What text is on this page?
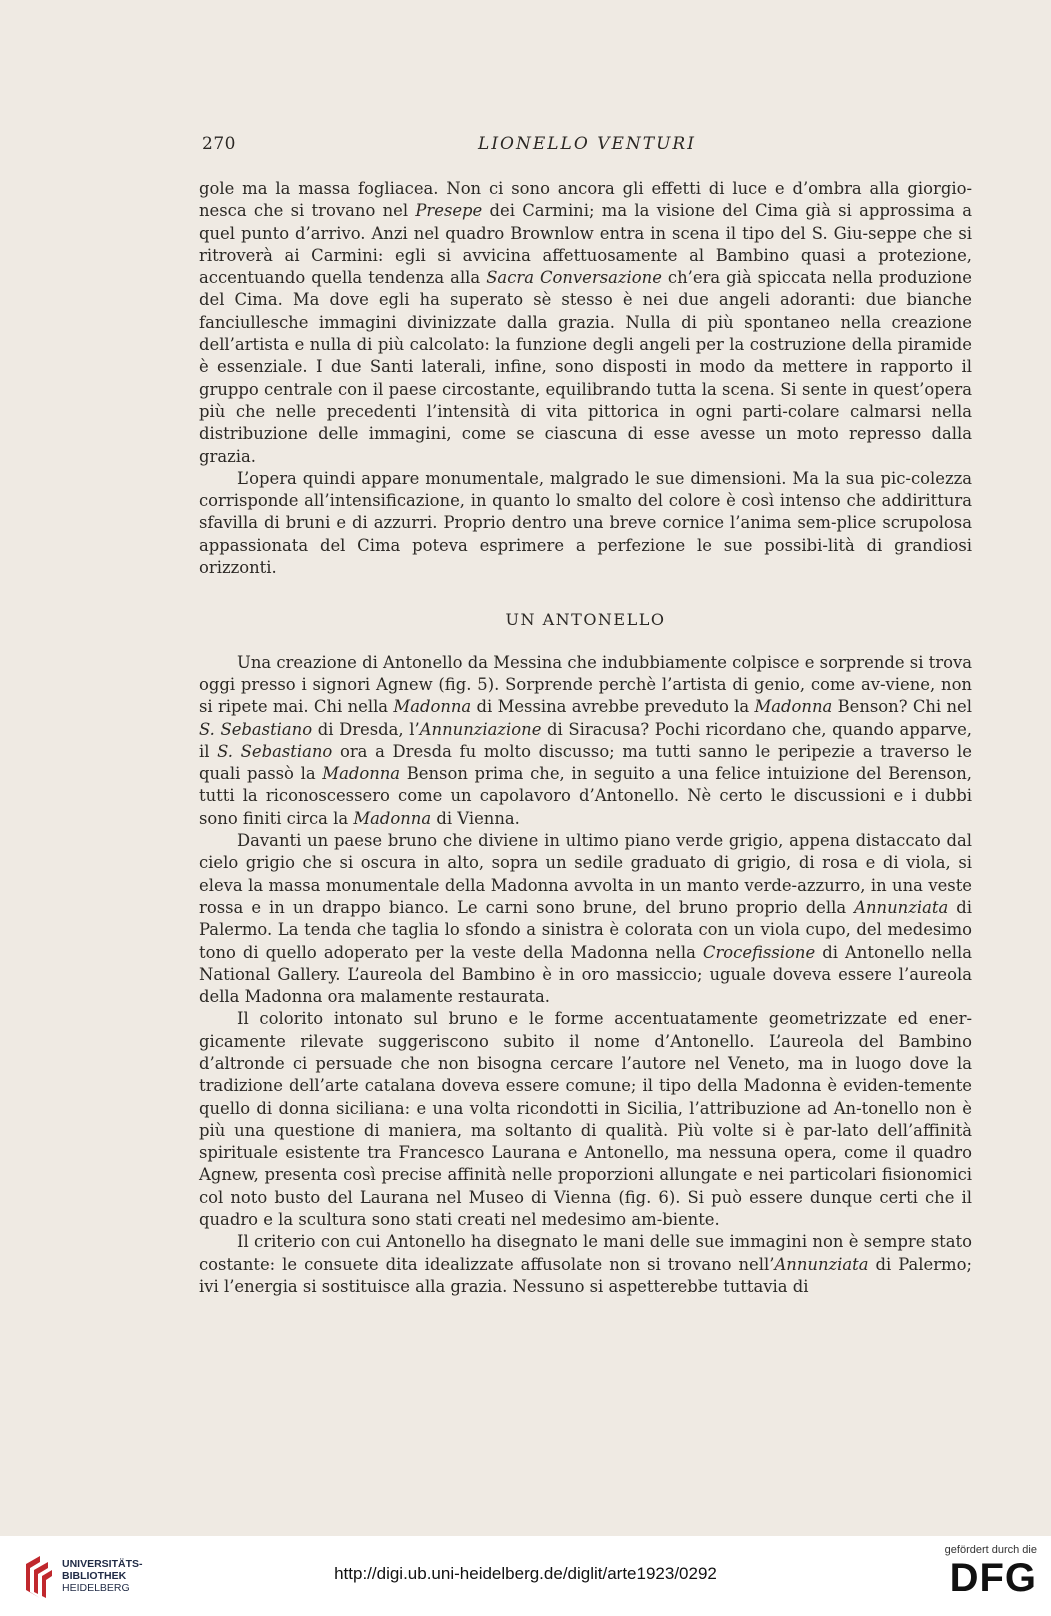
270	LIONELLO VENTURI

gole ma la massa fogliacea. Non ci sono ancora gli effetti di luce e d’ombra alla giorgio-nesca che si trovano nel Presepe dei Carmini; ma la visione del Cima già si approssima a quel punto d’arrivo. Anzi nel quadro Brownlow entra in scena il tipo del S. Giu-seppe che si ritroverà ai Carmini: egli si avvicina affettuosamente al Bambino quasi a protezione, accentuando quella tendenza alla Sacra Conversazione ch’era già spiccata nella produzione del Cima. Ma dove egli ha superato sè stesso è nei due angeli adoranti: due bianche fanciullesche immagini divinizzate dalla grazia. Nulla di più spontaneo nella creazione dell’artista e nulla di più calcolato: la funzione degli angeli per la costruzione della piramide è essenziale. I due Santi laterali, infine, sono disposti in modo da mettere in rapporto il gruppo centrale con il paese circostante, equilibrando tutta la scena. Si sente in quest’opera più che nelle precedenti l’intensità di vita pittorica in ogni parti-colare calmarsi nella distribuzione delle immagini, come se ciascuna di esse avesse un moto represso dalla grazia.

L’opera quindi appare monumentale, malgrado le sue dimensioni. Ma la sua pic-colezza corrisponde all’intensificazione, in quanto lo smalto del colore è così intenso che addirittura sfavilla di bruni e di azzurri. Proprio dentro una breve cornice l’anima sem-plice scrupolosa appassionata del Cima poteva esprimere a perfezione le sue possibi-lità di grandiosi orizzonti.

UN ANTONELLO

Una creazione di Antonello da Messina che indubbiamente colpisce e sorprende si trova oggi presso i signori Agnew (fig. 5). Sorprende perchè l’artista di genio, come av-viene, non si ripete mai. Chi nella Madonna di Messina avrebbe preveduto la Madonna Benson? Chi nel S. Sebastiano di Dresda, l’Annunziazione di Siracusa? Pochi ricordano che, quando apparve, il S. Sebastiano ora a Dresda fu molto discusso; ma tutti sanno le peripezie a traverso le quali passò la Madonna Benson prima che, in seguito a una felice intuizione del Berenson, tutti la riconoscessero come un capolavoro d’Antonello. Nè certo le discussioni e i dubbi sono finiti circa la Madonna di Vienna.

Davanti un paese bruno che diviene in ultimo piano verde grigio, appena distaccato dal cielo grigio che si oscura in alto, sopra un sedile graduato di grigio, di rosa e di viola, si eleva la massa monumentale della Madonna avvolta in un manto verde-azzurro, in una veste rossa e in un drappo bianco. Le carni sono brune, del bruno proprio della Annunziata di Palermo. La tenda che taglia lo sfondo a sinistra è colorata con un viola cupo, del medesimo tono di quello adoperato per la veste della Madonna nella Crocefissione di Antonello nella National Gallery. L’aureola del Bambino è in oro massiccio; uguale doveva essere l’aureola della Madonna ora malamente restaurata.

Il colorito intonato sul bruno e le forme accentuatamente geometrizzate ed ener-gicamente rilevate suggeriscono subito il nome d’Antonello. L’aureola del Bambino d’altronde ci persuade che non bisogna cercare l’autore nel Veneto, ma in luogo dove la tradizione dell’arte catalana doveva essere comune; il tipo della Madonna è eviden-temente quello di donna siciliana: e una volta ricondotti in Sicilia, l’attribuzione ad An-tonello non è più una questione di maniera, ma soltanto di qualità. Più volte si è par-lato dell’affinità spirituale esistente tra Francesco Laurana e Antonello, ma nessuna opera, come il quadro Agnew, presenta così precise affinità nelle proporzioni allungate e nei particolari fisionomici col noto busto del Laurana nel Museo di Vienna (fig. 6). Si può essere dunque certi che il quadro e la scultura sono stati creati nel medesimo am-biente.

Il criterio con cui Antonello ha disegnato le mani delle sue immagini non è sempre stato costante: le consuete dita idealizzate affusolate non si trovano nell’Annunziata di Palermo; ivi l’energia si sostituisce alla grazia. Nessuno si aspetterebbe tuttavia di

UNIVERSITÄTS-
BIBLIOTHEK
HEIDELBERG
http://digi.ub.uni-heidelberg.de/diglit/arte1923/0292
gefördert durch die
DFG
